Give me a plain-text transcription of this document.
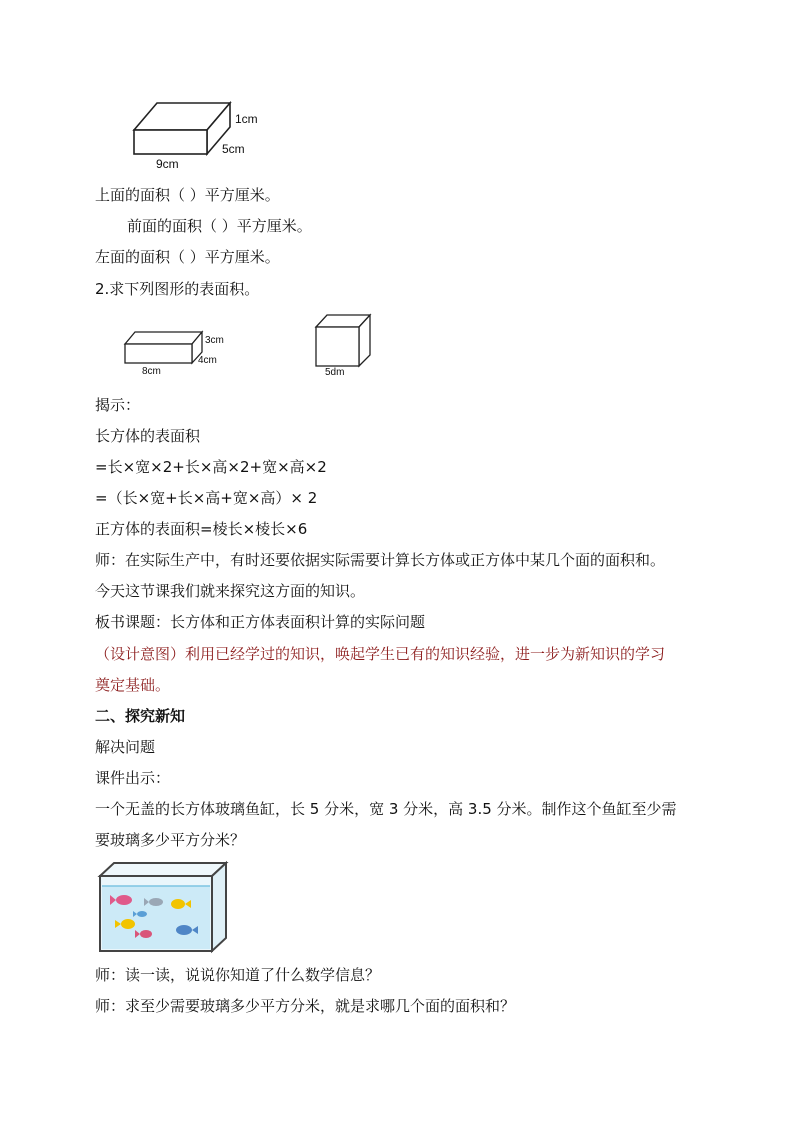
1cm
5cm
9cm
上面的面积（ ）平方厘米。
前面的面积（ ）平方厘米。
左面的面积（ ）平方厘米。
2.求下列图形的表面积。
3cm
4cm
8cm	5dm
揭示：
长方体的表面积
=长×宽×2+长×高×2+宽×高×2
=（长×宽+长×高+宽×高）× 2
正方体的表面积=棱长×棱长×6
师：在实际生产中，有时还要依据实际需要计算长方体或正方体中某几个面的面积和。
今天这节课我们就来探究这方面的知识。
板书课题：长方体和正方体表面积计算的实际问题
（设计意图）利用已经学过的知识，唤起学生已有的知识经验，进一步为新知识的学习
奠定基础。
二、探究新知
解决问题
课件出示：
一个无盖的长方体玻璃鱼缸，长 5 分米，宽 3 分米，高 3.5 分米。制作这个鱼缸至少需
要玻璃多少平方分米？
师：读一读，说说你知道了什么数学信息？
师：求至少需要玻璃多少平方分米，就是求哪几个面的面积和？
